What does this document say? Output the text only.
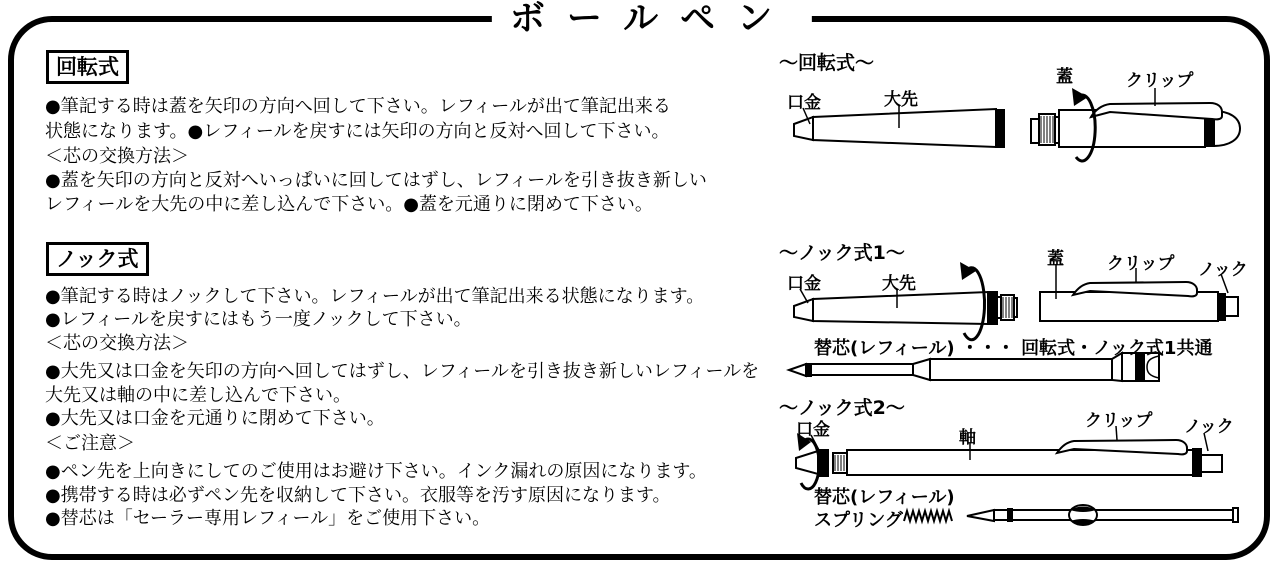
ボールペン
回転式
●筆記する時は蓋を矢印の方向へ回して下さい。レフィールが出て筆記出来る
状態になります。●レフィールを戻すには矢印の方向と反対へ回して下さい。
＜芯の交換方法＞
●蓋を矢印の方向と反対へいっぱいに回してはずし、レフィールを引き抜き新しい
レフィールを大先の中に差し込んで下さい。●蓋を元通りに閉めて下さい。
ノック式
●筆記する時はノックして下さい。レフィールが出て筆記出来る状態になります。
●レフィールを戻すにはもう一度ノックして下さい。
＜芯の交換方法＞
●大先又は口金を矢印の方向へ回してはずし、レフィールを引き抜き新しいレフィールを
大先又は軸の中に差し込んで下さい。
●大先又は口金を元通りに閉めて下さい。
＜ご注意＞
●ペン先を上向きにしてのご使用はお避け下さい。インク漏れの原因になります。
●携帯する時は必ずペン先を収納して下さい。衣服等を汚す原因になります。
●替芯は「セーラー専用レフィール」をご使用下さい。
〜回転式〜
口金	大先
蓋	クリップ
〜ノック式1〜
口金	大先
蓋	クリップ ノック
替芯(レフィール) ・・・ 回転式・ノック式1共通
〜ノック式2〜
口金	軸
クリップ ノック
替芯(レフィール)
スプリング
